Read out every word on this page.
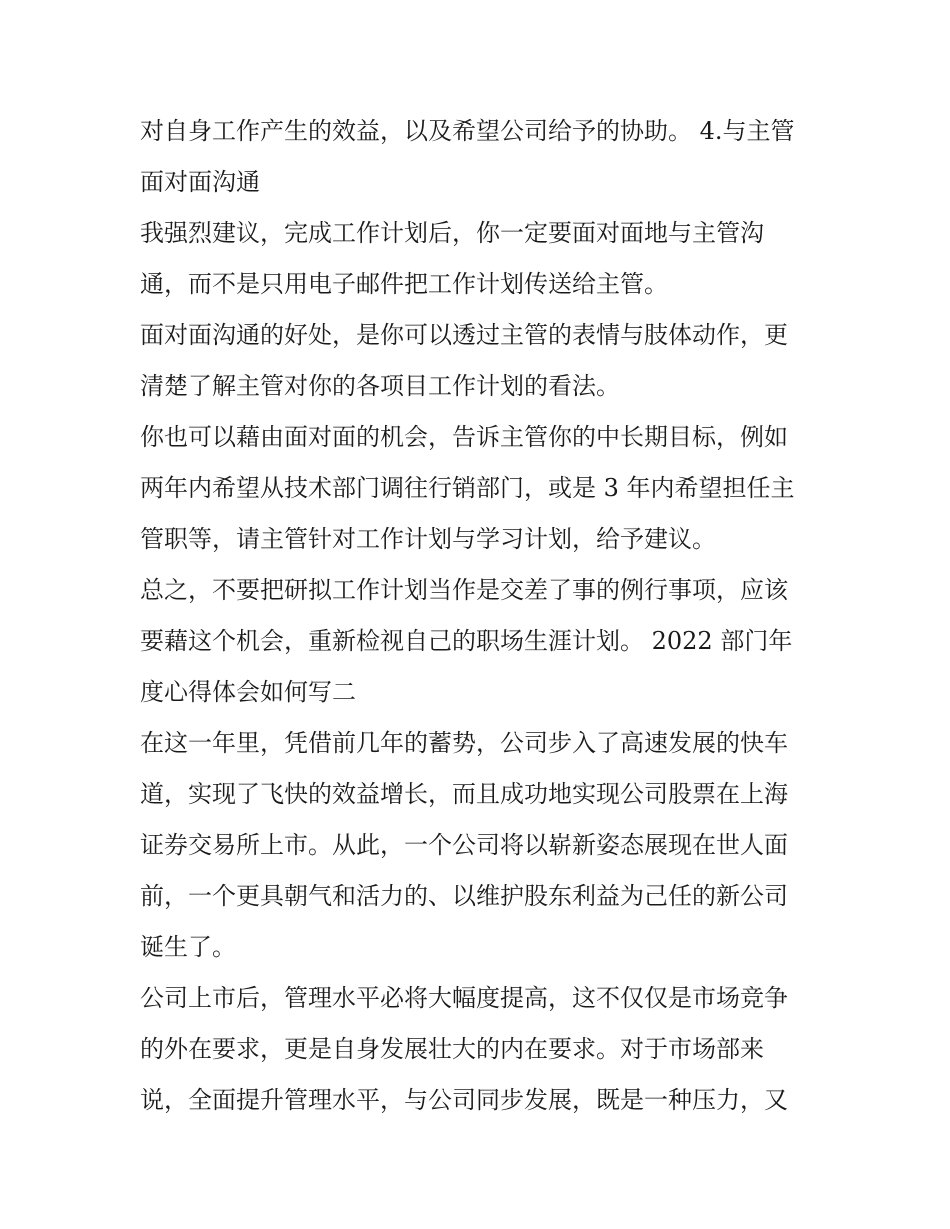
对自身工作产生的效益，以及希望公司给予的协助。 4.与主管
面对面沟通
我强烈建议，完成工作计划后，你一定要面对面地与主管沟
通，而不是只用电子邮件把工作计划传送给主管。
面对面沟通的好处，是你可以透过主管的表情与肢体动作，更
清楚了解主管对你的各项目工作计划的看法。
你也可以藉由面对面的机会，告诉主管你的中长期目标，例如
两年内希望从技术部门调往行销部门，或是 3 年内希望担任主
管职等，请主管针对工作计划与学习计划，给予建议。
总之，不要把研拟工作计划当作是交差了事的例行事项，应该
要藉这个机会，重新检视自己的职场生涯计划。 2022 部门年
度心得体会如何写二
在这一年里，凭借前几年的蓄势，公司步入了高速发展的快车
道，实现了飞快的效益增长，而且成功地实现公司股票在上海
证券交易所上市。从此，一个公司将以崭新姿态展现在世人面
前，一个更具朝气和活力的、以维护股东利益为己任的新公司
诞生了。
公司上市后，管理水平必将大幅度提高，这不仅仅是市场竞争
的外在要求，更是自身发展壮大的内在要求。对于市场部来
说，全面提升管理水平，与公司同步发展，既是一种压力，又
